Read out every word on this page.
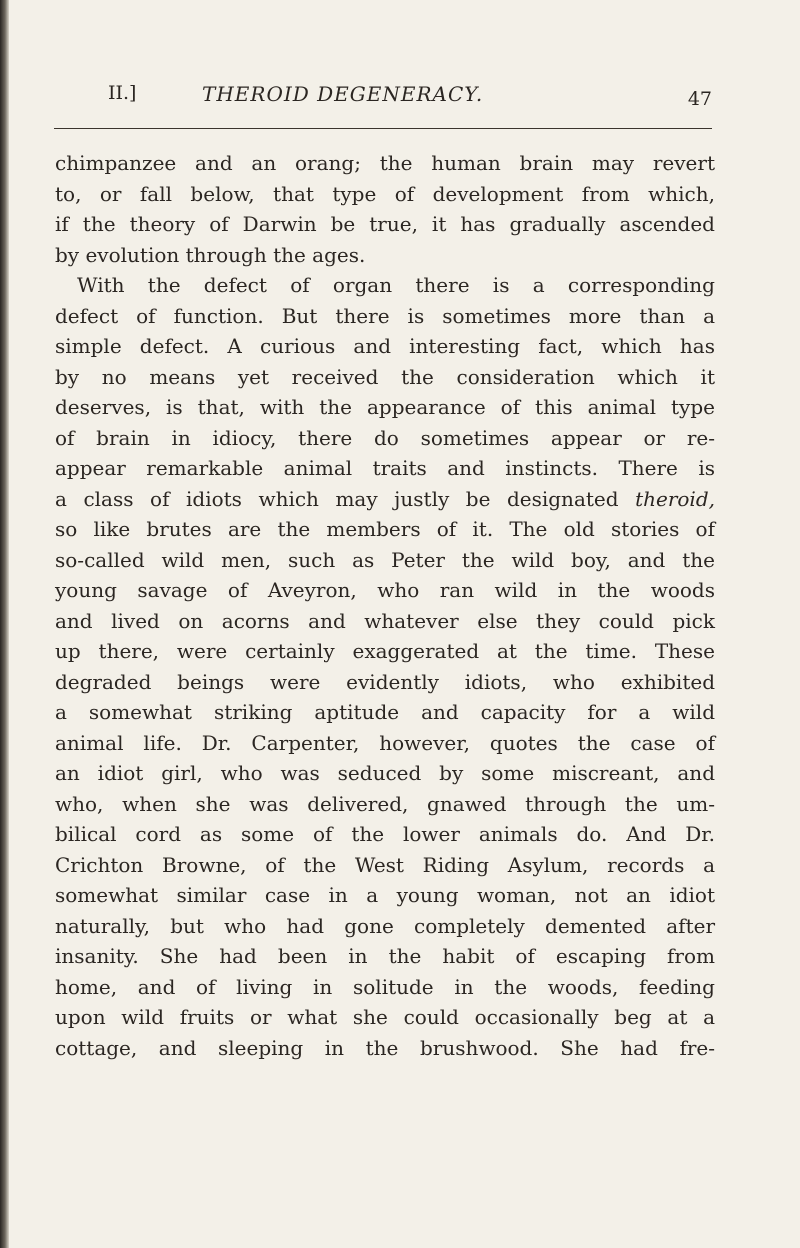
II.]	THEROID DEGENERACY.	47
chimpanzee and an orang; the human brain may revert
to, or fall below, that type of development from which,
if the theory of Darwin be true, it has gradually ascended
by evolution through the ages.
With the defect of organ there is a corresponding
defect of function. But there is sometimes more than a
simple defect. A curious and interesting fact, which has
by no means yet received the consideration which it
deserves, is that, with the appearance of this animal type
of brain in idiocy, there do sometimes appear or re-
appear remarkable animal traits and instincts. There is
a class of idiots which may justly be designated theroid,
so like brutes are the members of it. The old stories of
so-called wild men, such as Peter the wild boy, and the
young savage of Aveyron, who ran wild in the woods
and lived on acorns and whatever else they could pick
up there, were certainly exaggerated at the time. These
degraded beings were evidently idiots, who exhibited
a somewhat striking aptitude and capacity for a wild
animal life. Dr. Carpenter, however, quotes the case of
an idiot girl, who was seduced by some miscreant, and
who, when she was delivered, gnawed through the um-
bilical cord as some of the lower animals do. And Dr.
Crichton Browne, of the West Riding Asylum, records a
somewhat similar case in a young woman, not an idiot
naturally, but who had gone completely demented after
insanity. She had been in the habit of escaping from
home, and of living in solitude in the woods, feeding
upon wild fruits or what she could occasionally beg at a
cottage, and sleeping in the brushwood. She had fre-
